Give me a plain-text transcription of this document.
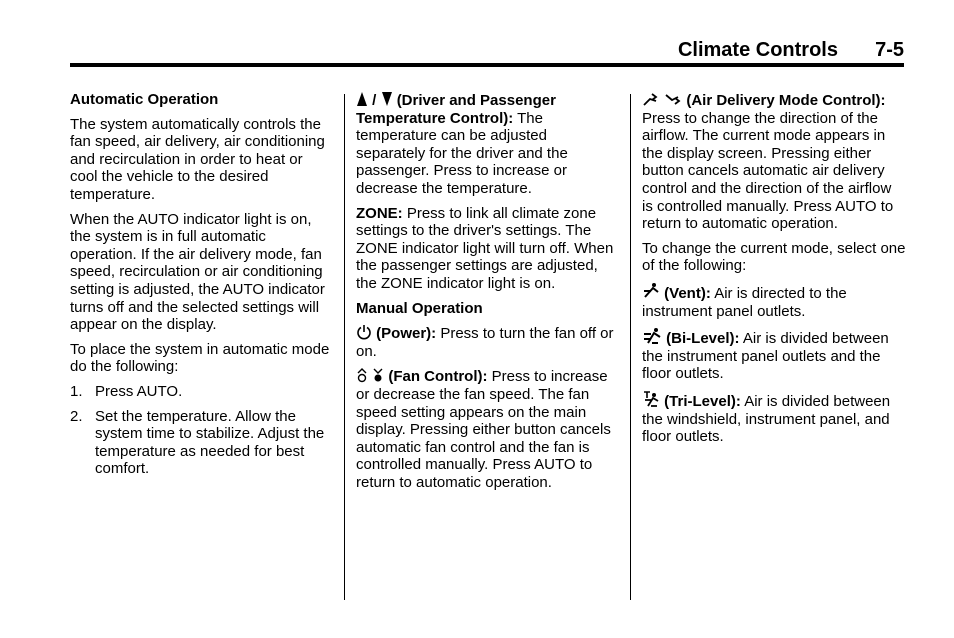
Climate Controls 7-5
Automatic Operation

The system automatically controls the fan speed, air delivery, air conditioning and recirculation in order to heat or cool the vehicle to the desired temperature.

When the AUTO indicator light is on, the system is in full automatic operation. If the air delivery mode, fan speed, recirculation or air conditioning setting is adjusted, the AUTO indicator turns off and the selected settings will appear on the display.

To place the system in automatic mode do the following:

1. Press AUTO.
2. Set the temperature. Allow the system time to stabilize. Adjust the temperature as needed for best comfort.

/ (Driver and Passenger Temperature Control): The temperature can be adjusted separately for the driver and the passenger. Press to increase or decrease the temperature.

ZONE: Press to link all climate zone settings to the driver's settings. The ZONE indicator light will turn off. When the passenger settings are adjusted, the ZONE indicator light is on.

Manual Operation

(Power): Press to turn the fan off or on.

(Fan Control): Press to increase or decrease the fan speed. The fan speed setting appears on the main display. Pressing either button cancels automatic fan control and the fan is controlled manually. Press AUTO to return to automatic operation.

(Air Delivery Mode Control): Press to change the direction of the airflow. The current mode appears in the display screen. Pressing either button cancels automatic air delivery control and the direction of the airflow is controlled manually. Press AUTO to return to automatic operation.

To change the current mode, select one of the following:

(Vent): Air is directed to the instrument panel outlets.

(Bi-Level): Air is divided between the instrument panel outlets and the floor outlets.

(Tri-Level): Air is divided between the windshield, instrument panel, and floor outlets.
